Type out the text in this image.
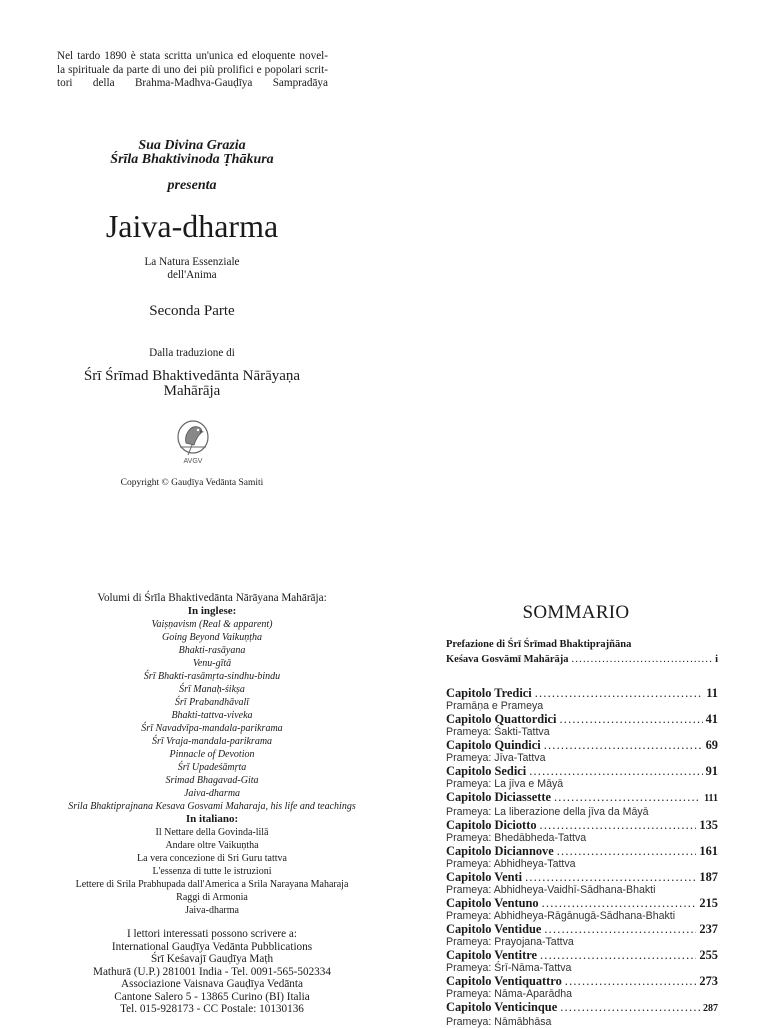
Nel tardo 1890 è stata scritta un'unica ed eloquente novel-
la spirituale da parte di uno dei più prolifici e popolari scrit-
tori della Brahma-Madhva-Gauḍīya Sampradāya
Sua Divina Grazia
Śrīla Bhaktivinoda Ṭhākura
presenta
Jaiva-dharma
La Natura Essenziale
dell'Anima
Seconda Parte
Dalla traduzione di
Śrī Śrīmad Bhaktivedānta Nārāyaṇa
Mahārāja
AVGV
Copyright © Gauḍīya Vedānta Samiti
Volumi di Śrīla Bhaktivedānta Nārāyana Mahārāja:
In inglese:
Vaiṣṇavism (Real & apparent)
Going Beyond Vaikuṇṭha
Bhakti-rasāyana
Venu-gītā
Śrī Bhakti-rasāmṛta-sindhu-bindu
Śrī Manaḥ-śikṣa
Śrī Prabandhāvalī
Bhakti-tattva-viveka
Śrī Navadvīpa-mandala-parikrama
Śrī Vraja-mandala-parikrama
Pinnacle of Devotion
Śrī Upadeśāmṛta
Srimad Bhagavad-Gita
Jaiva-dharma
Srila Bhaktiprajnana Kesava Gosvami Maharaja, his life and teachings
In italiano:
Il Nettare della Govinda-lilā
Andare oltre Vaikuṇtha
La vera concezione di Sri Guru tattva
L'essenza di tutte le istruzioni
Lettere di Srila Prabhupada dall'America a Srila Narayana Maharaja
Raggi di Armonia
Jaiva-dharma
I lettori interessati possono scrivere a:
International Gauḍīya Vedānta Pubblications
Śrī Keśavajī Gauḍīya Maṭh
Mathurā (U.P.) 281001 India - Tel. 0091-565-502334
Associazione Vaisnava Gauḍīya Vedānta
Cantone Salero 5 - 13865 Curino (BI) Italia
Tel. 015-928173 - CC Postale: 10130136
SOMMARIO
Prefazione di Śrī Śrīmad Bhaktiprajñāna
Keśava Gosvāmī Mahārāja .....	i
Capitolo Tredici .....	11
Pramāṇa e Prameya
Capitolo Quattordici .....	41
Prameya: Śakti-Tattva
Capitolo Quindici .....	69
Prameya: Jīva-Tattva
Capitolo Sedici .....	91
Prameya: La jīva e Māyā
Capitolo Diciassette .....	111
Prameya: La liberazione della jīva da Māyā
Capitolo Diciotto .....	135
Prameya: Bhedābheda-Tattva
Capitolo Diciannove .....	161
Prameya: Abhidheya-Tattva
Capitolo Venti .....	187
Prameya: Abhidheya-Vaidhī-Sādhana-Bhakti
Capitolo Ventuno .....	215
Prameya: Abhidheya-Rāgānugā-Sādhana-Bhakti
Capitolo Ventidue .....	237
Prameya: Prayojana-Tattva
Capitolo Ventitre .....	255
Prameya: Śrī-Nāma-Tattva
Capitolo Ventiquattro .....	273
Prameya: Nāma-Aparādha
Capitolo Venticinque .....	287
Prameya: Nāmābhāsa
